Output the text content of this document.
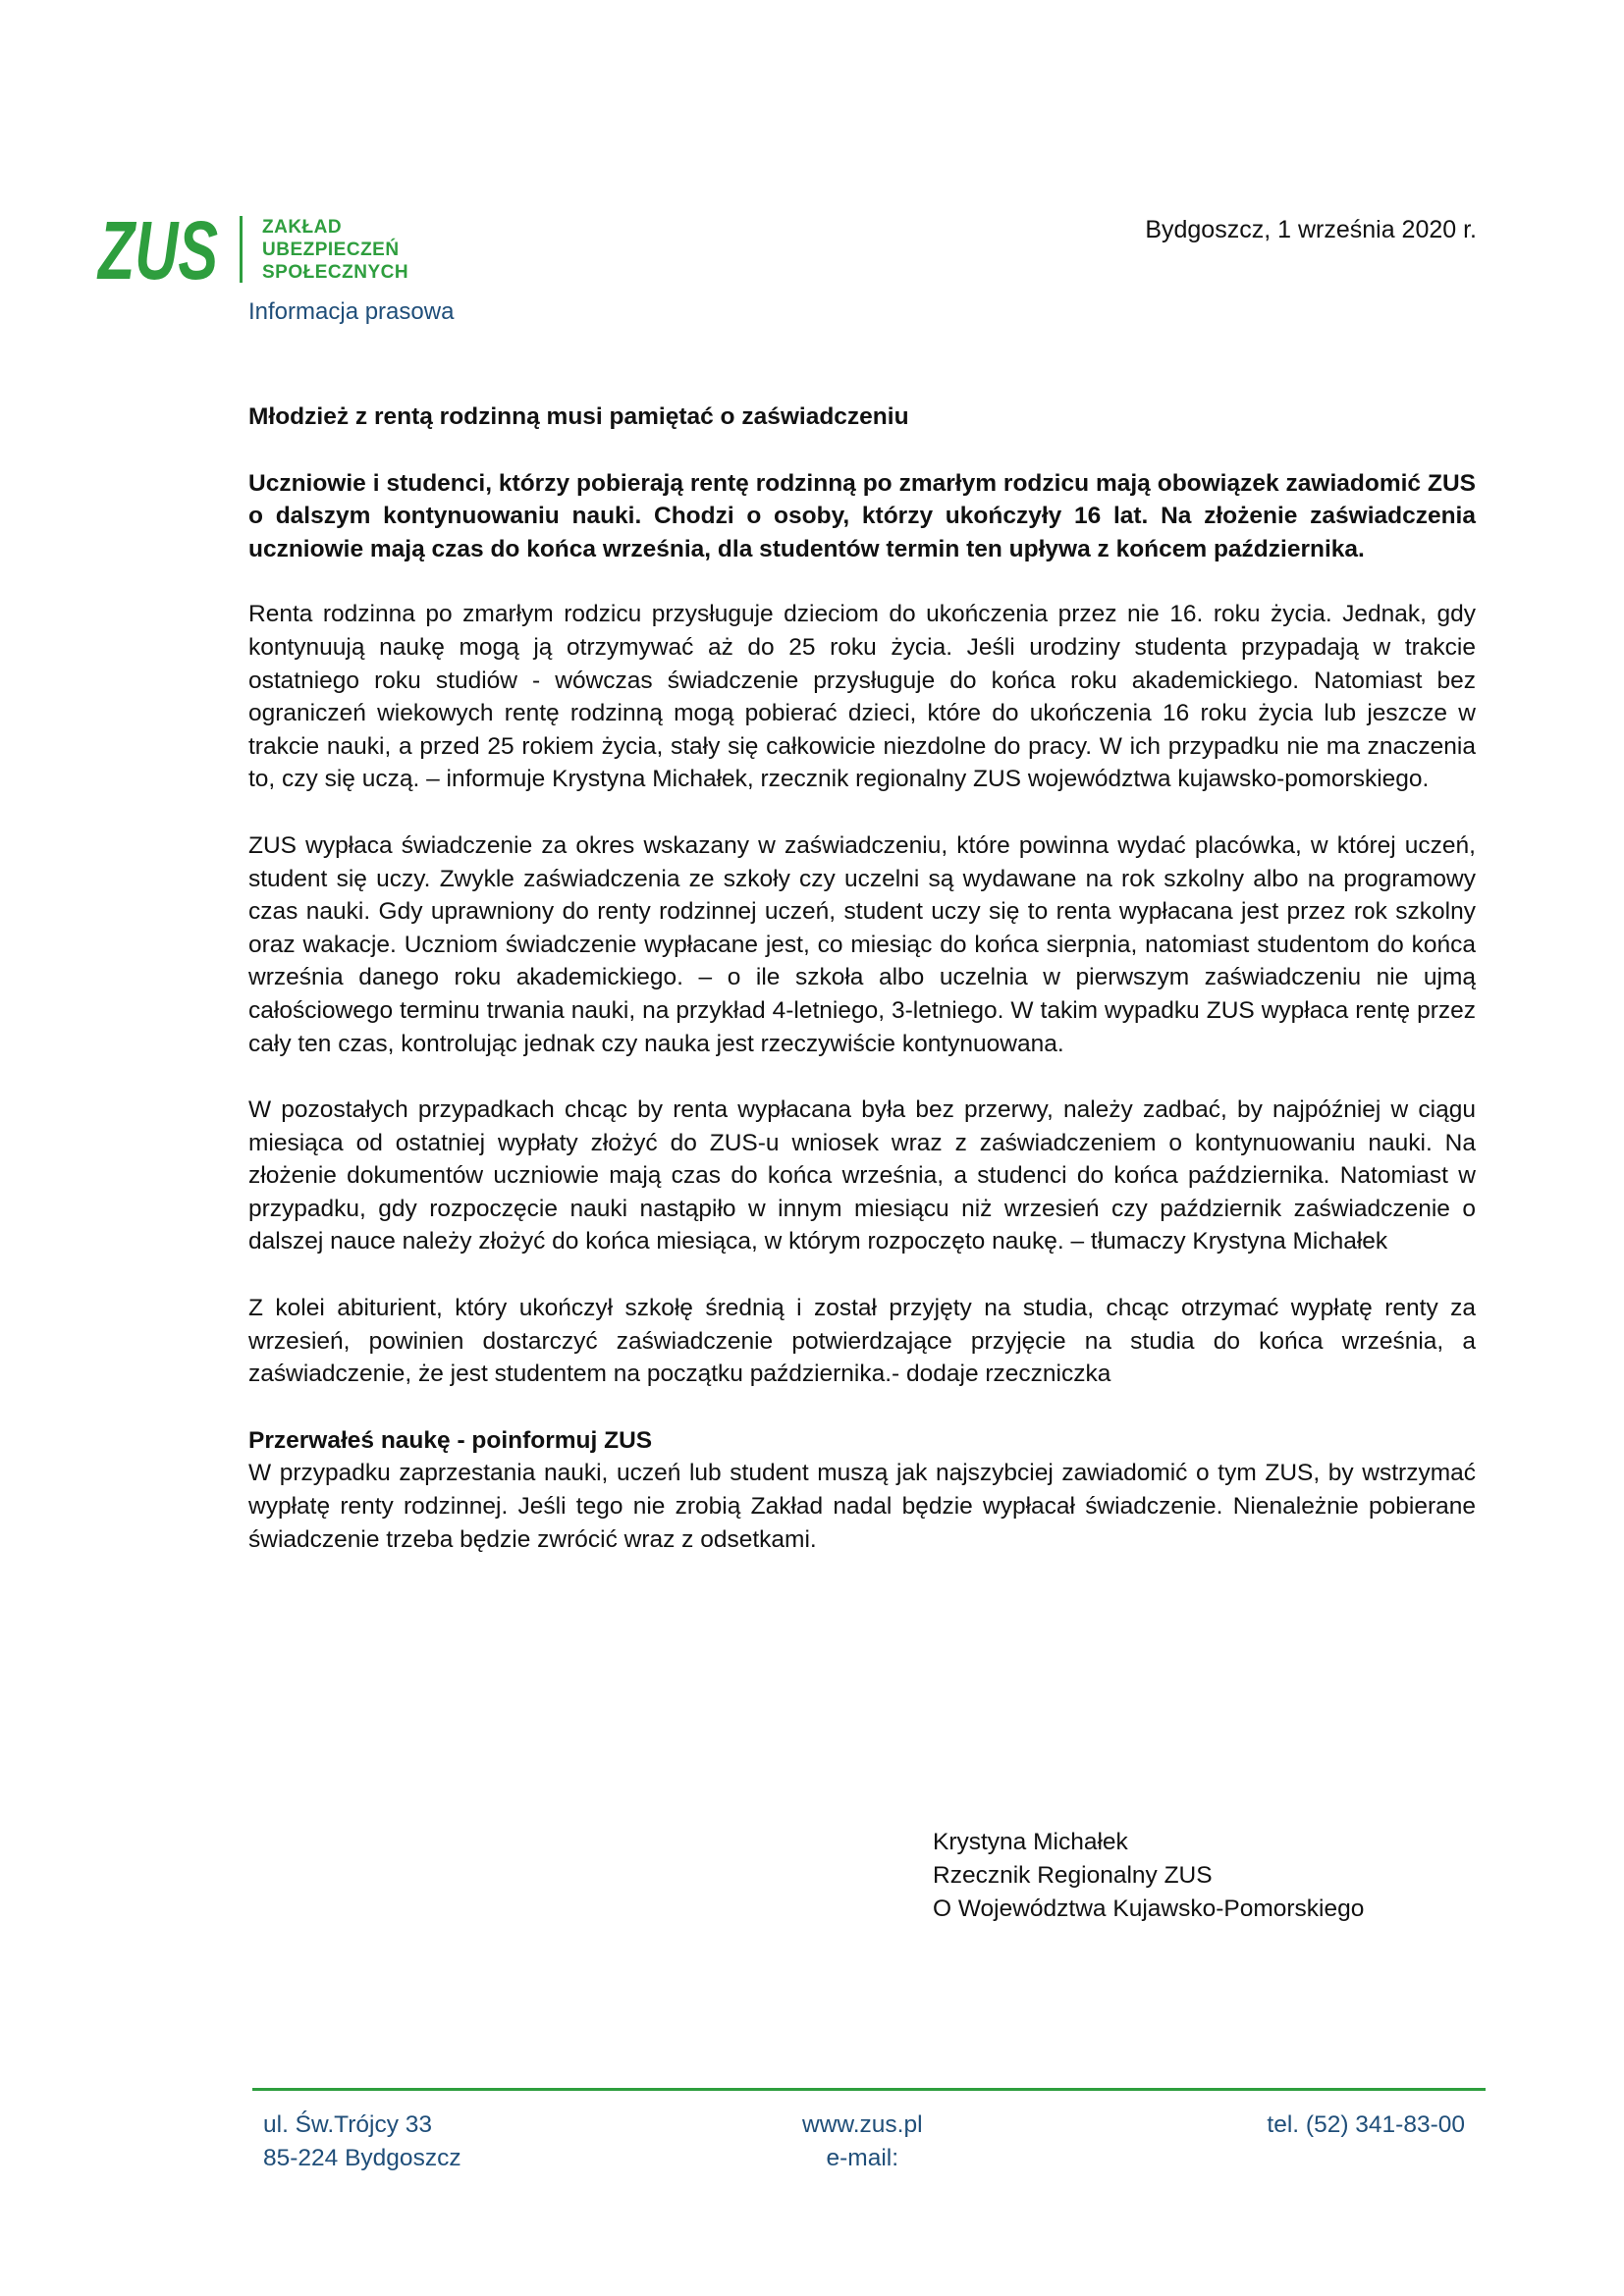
ZUS ZAKŁAD
UBEZPIECZEŃ
SPOŁECZNYCH
Informacja prasowa
Bydgoszcz, 1 września 2020 r.

Młodzież z rentą rodzinną musi pamiętać o zaświadczeniu

Uczniowie i studenci, którzy pobierają rentę rodzinną po zmarłym rodzicu mają obowiązek zawiadomić ZUS o dalszym kontynuowaniu nauki. Chodzi o osoby, którzy ukończyły 16 lat. Na złożenie zaświadczenia uczniowie mają czas do końca września, dla studentów termin ten upływa z końcem października.

Renta rodzinna po zmarłym rodzicu przysługuje dzieciom do ukończenia przez nie 16. roku życia. Jednak, gdy kontynuują naukę mogą ją otrzymywać aż do 25 roku życia. Jeśli urodziny studenta przypadają w trakcie ostatniego roku studiów - wówczas świadczenie przysługuje do końca roku akademickiego. Natomiast bez ograniczeń wiekowych rentę rodzinną mogą pobierać dzieci, które do ukończenia 16 roku życia lub jeszcze w trakcie nauki, a przed 25 rokiem życia, stały się całkowicie niezdolne do pracy. W ich przypadku nie ma znaczenia to, czy się uczą. – informuje Krystyna Michałek, rzecznik regionalny ZUS województwa kujawsko-pomorskiego.

ZUS wypłaca świadczenie za okres wskazany w zaświadczeniu, które powinna wydać placówka, w której uczeń, student się uczy. Zwykle zaświadczenia ze szkoły czy uczelni są wydawane na rok szkolny albo na programowy czas nauki. Gdy uprawniony do renty rodzinnej uczeń, student uczy się to renta wypłacana jest przez rok szkolny oraz wakacje. Uczniom świadczenie wypłacane jest, co miesiąc do końca sierpnia, natomiast studentom do końca września danego roku akademickiego. – o ile szkoła albo uczelnia w pierwszym zaświadczeniu nie ujmą całościowego terminu trwania nauki, na przykład 4-letniego, 3-letniego. W takim wypadku ZUS wypłaca rentę przez cały ten czas, kontrolując jednak czy nauka jest rzeczywiście kontynuowana.

W pozostałych przypadkach chcąc by renta wypłacana była bez przerwy, należy zadbać, by najpóźniej w ciągu miesiąca od ostatniej wypłaty złożyć do ZUS-u wniosek wraz z zaświadczeniem o kontynuowaniu nauki. Na złożenie dokumentów uczniowie mają czas do końca września, a studenci do końca października. Natomiast w przypadku, gdy rozpoczęcie nauki nastąpiło w innym miesiącu niż wrzesień czy październik zaświadczenie o dalszej nauce należy złożyć do końca miesiąca, w którym rozpoczęto naukę. – tłumaczy Krystyna Michałek

Z kolei abiturient, który ukończył szkołę średnią i został przyjęty na studia, chcąc otrzymać wypłatę renty za wrzesień, powinien dostarczyć zaświadczenie potwierdzające przyjęcie na studia do końca września, a zaświadczenie, że jest studentem na początku października.- dodaje rzeczniczka

Przerwałeś naukę - poinformuj ZUS

W przypadku zaprzestania nauki, uczeń lub student muszą jak najszybciej zawiadomić o tym ZUS, by wstrzymać wypłatę renty rodzinnej. Jeśli tego nie zrobią Zakład nadal będzie wypłacał świadczenie. Nienależnie pobierane świadczenie trzeba będzie zwrócić wraz z odsetkami.

Krystyna Michałek
Rzecznik Regionalny ZUS
O Województwa Kujawsko-Pomorskiego
ul. Św.Trójcy 33
85-224 Bydgoszcz
www.zus.pl
e-mail:
tel. (52) 341-83-00
